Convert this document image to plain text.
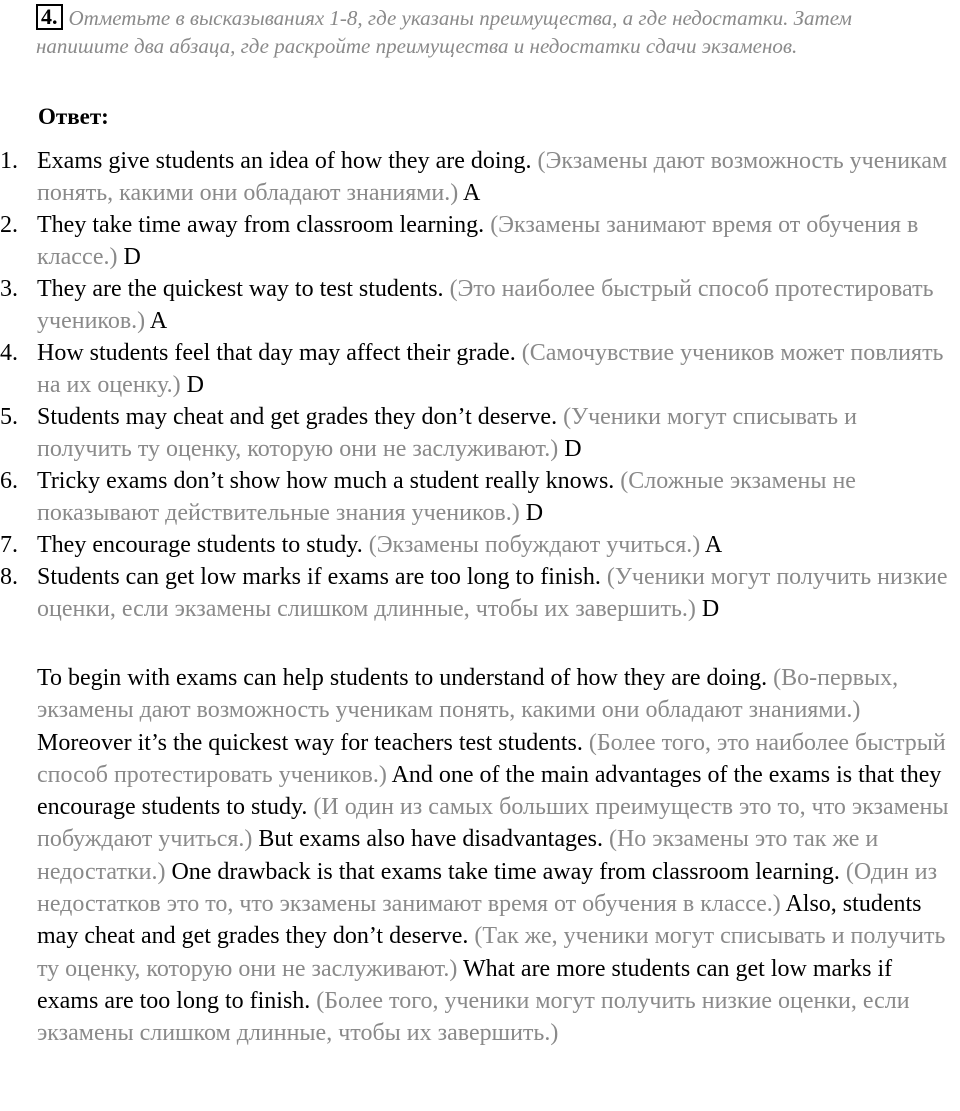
4. Отметьте в высказываниях 1-8, где указаны преимущества, а где недостатки. Затем напишите два абзаца, где раскройте преимущества и недостатки сдачи экзаменов.
Ответ:
1. Exams give students an idea of how they are doing. (Экзамены дают возможность ученикам понять, какими они обладают знаниями.) A
2. They take time away from classroom learning. (Экзамены занимают время от обучения в классе.) D
3. They are the quickest way to test students. (Это наиболее быстрый способ протестировать учеников.) A
4. How students feel that day may affect their grade. (Самочувствие учеников может повлиять на их оценку.) D
5. Students may cheat and get grades they don’t deserve. (Ученики могут списывать и получить ту оценку, которую они не заслуживают.) D
6. Tricky exams don’t show how much a student really knows. (Сложные экзамены не показывают действительные знания учеников.) D
7. They encourage students to study. (Экзамены побуждают учиться.) A
8. Students can get low marks if exams are too long to finish. (Ученики могут получить низкие оценки, если экзамены слишком длинные, чтобы их завершить.) D

To begin with exams can help students to understand of how they are doing. (Во-первых, экзамены дают возможность ученикам понять, какими они обладают знаниями.) Moreover it’s the quickest way for teachers test students. (Более того, это наиболее быстрый способ протестировать учеников.) And one of the main advantages of the exams is that they encourage students to study. (И один из самых больших преимуществ это то, что экзамены побуждают учиться.) But exams also have disadvantages. (Но экзамены это так же и недостатки.) One drawback is that exams take time away from classroom learning. (Один из недостатков это то, что экзамены занимают время от обучения в классе.) Also, students may cheat and get grades they don’t deserve. (Так же, ученики могут списывать и получить ту оценку, которую они не заслуживают.) What are more students can get low marks if exams are too long to finish. (Более того, ученики могут получить низкие оценки, если экзамены слишком длинные, чтобы их завершить.)
